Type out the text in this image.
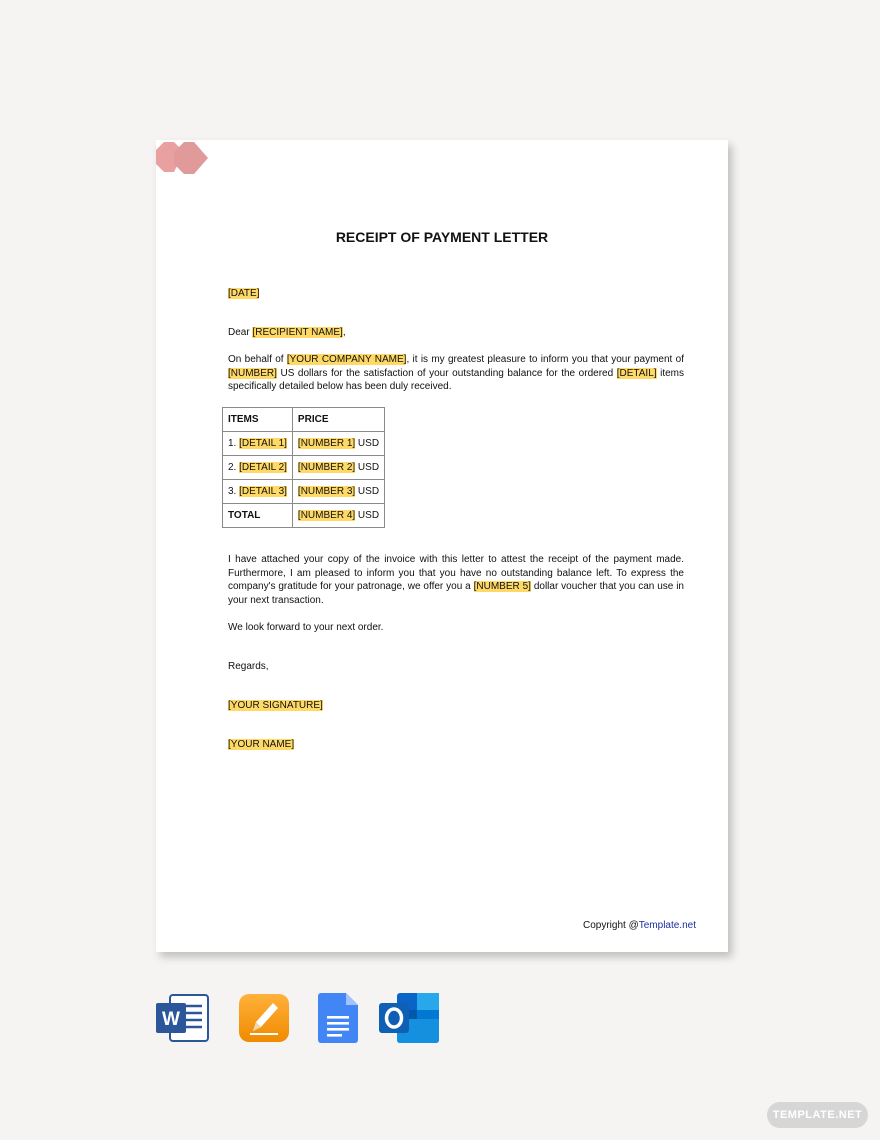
RECEIPT OF PAYMENT LETTER
[DATE]
Dear [RECIPIENT NAME],
On behalf of [YOUR COMPANY NAME], it is my greatest pleasure to inform you that your payment of [NUMBER] US dollars for the satisfaction of your outstanding balance for the ordered [DETAIL] items specifically detailed below has been duly received.
ITEMS	PRICE
1. [DETAIL 1]	[NUMBER 1] USD
2. [DETAIL 2]	[NUMBER 2] USD
3. [DETAIL 3]	[NUMBER 3] USD
TOTAL	[NUMBER 4] USD
I have attached your copy of the invoice with this letter to attest the receipt of the payment made. Furthermore, I am pleased to inform you that you have no outstanding balance left. To express the company's gratitude for your patronage, we offer you a [NUMBER 5] dollar voucher that you can use in your next transaction.
We look forward to your next order.
Regards,
[YOUR SIGNATURE]
[YOUR NAME]
Copyright @Template.net
W
TEMPLATE.NET
